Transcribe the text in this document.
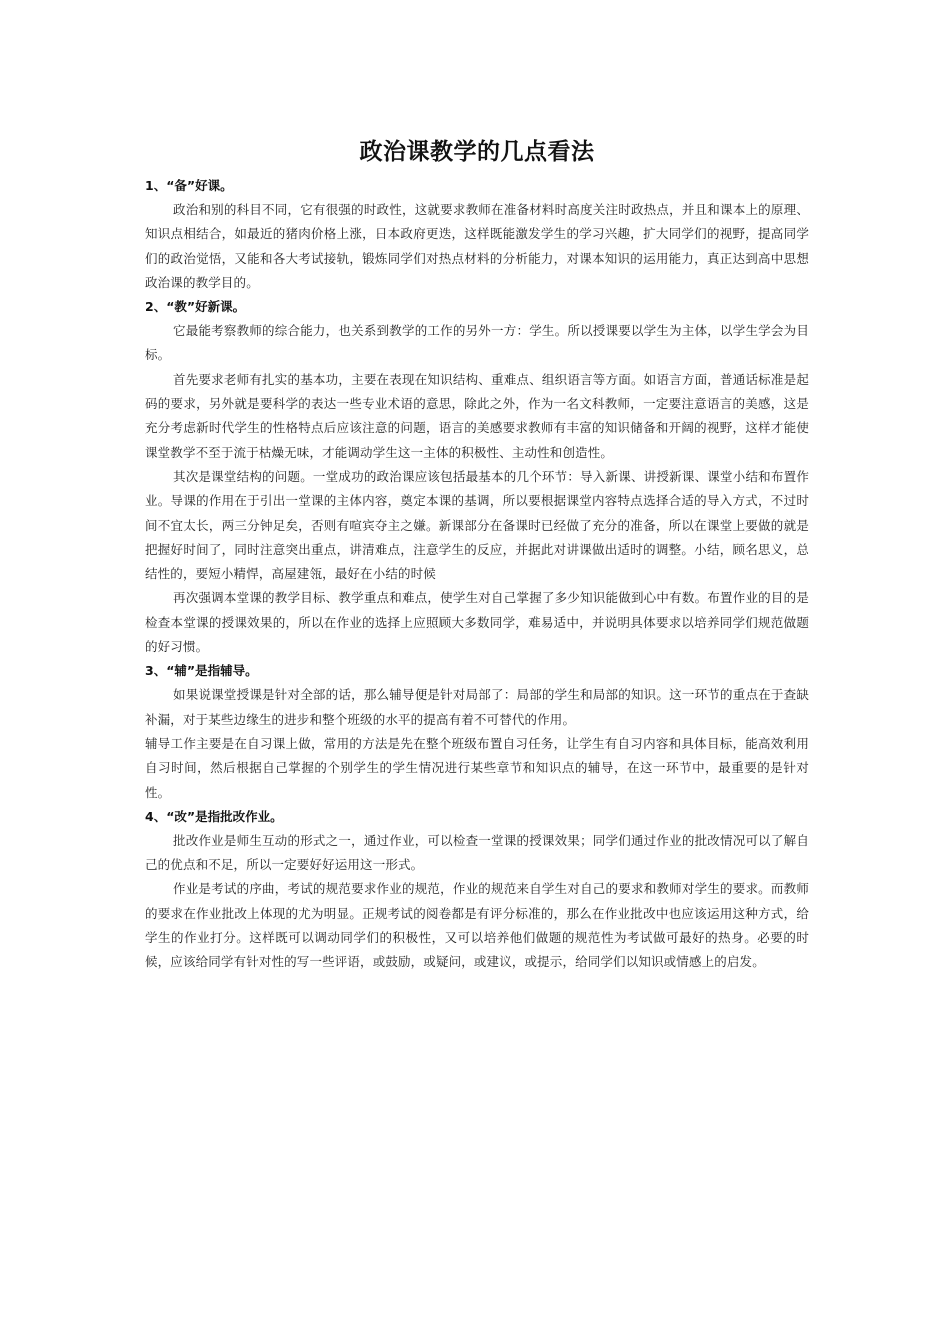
政治课教学的几点看法

1、“备”好课。

政治和别的科目不同，它有很强的时政性，这就要求教师在准备材料时高度关注时政热点，并且和课本上的原理、知识点相结合，如最近的猪肉价格上涨，日本政府更迭，这样既能激发学生的学习兴趣，扩大同学们的视野，提高同学们的政治觉悟，又能和各大考试接轨，锻炼同学们对热点材料的分析能力，对课本知识的运用能力，真正达到高中思想政治课的教学目的。

2、“教”好新课。

它最能考察教师的综合能力，也关系到教学的工作的另外一方：学生。所以授课要以学生为主体，以学生学会为目标。

首先要求老师有扎实的基本功，主要在表现在知识结构、重难点、组织语言等方面。如语言方面，普通话标准是起码的要求，另外就是要科学的表达一些专业术语的意思，除此之外，作为一名文科教师，一定要注意语言的美感，这是充分考虑新时代学生的性格特点后应该注意的问题，语言的美感要求教师有丰富的知识储备和开阔的视野，这样才能使课堂教学不至于流于枯燥无味，才能调动学生这一主体的积极性、主动性和创造性。

其次是课堂结构的问题。一堂成功的政治课应该包括最基本的几个环节：导入新课、讲授新课、课堂小结和布置作业。导课的作用在于引出一堂课的主体内容，奠定本课的基调，所以要根据课堂内容特点选择合适的导入方式，不过时间不宜太长，两三分钟足矣，否则有喧宾夺主之嫌。新课部分在备课时已经做了充分的准备，所以在课堂上要做的就是把握好时间了，同时注意突出重点，讲清难点，注意学生的反应，并据此对讲课做出适时的调整。小结，顾名思义，总结性的，要短小精悍，高屋建瓴，最好在小结的时候

再次强调本堂课的教学目标、教学重点和难点，使学生对自己掌握了多少知识能做到心中有数。布置作业的目的是检查本堂课的授课效果的，所以在作业的选择上应照顾大多数同学，难易适中，并说明具体要求以培养同学们规范做题的好习惯。

3、“辅”是指辅导。

如果说课堂授课是针对全部的话，那么辅导便是针对局部了：局部的学生和局部的知识。这一环节的重点在于查缺补漏，对于某些边缘生的进步和整个班级的水平的提高有着不可替代的作用。

辅导工作主要是在自习课上做，常用的方法是先在整个班级布置自习任务，让学生有自习内容和具体目标，能高效利用自习时间，然后根据自己掌握的个别学生的学生情况进行某些章节和知识点的辅导，在这一环节中，最重要的是针对性。

4、“改”是指批改作业。

批改作业是师生互动的形式之一，通过作业，可以检查一堂课的授课效果；同学们通过作业的批改情况可以了解自己的优点和不足，所以一定要好好运用这一形式。

作业是考试的序曲，考试的规范要求作业的规范，作业的规范来自学生对自己的要求和教师对学生的要求。而教师的要求在作业批改上体现的尤为明显。正规考试的阅卷都是有评分标准的，那么在作业批改中也应该运用这种方式，给学生的作业打分。这样既可以调动同学们的积极性，又可以培养他们做题的规范性为考试做可最好的热身。必要的时候，应该给同学有针对性的写一些评语，或鼓励，或疑问，或建议，或提示，给同学们以知识或情感上的启发。
